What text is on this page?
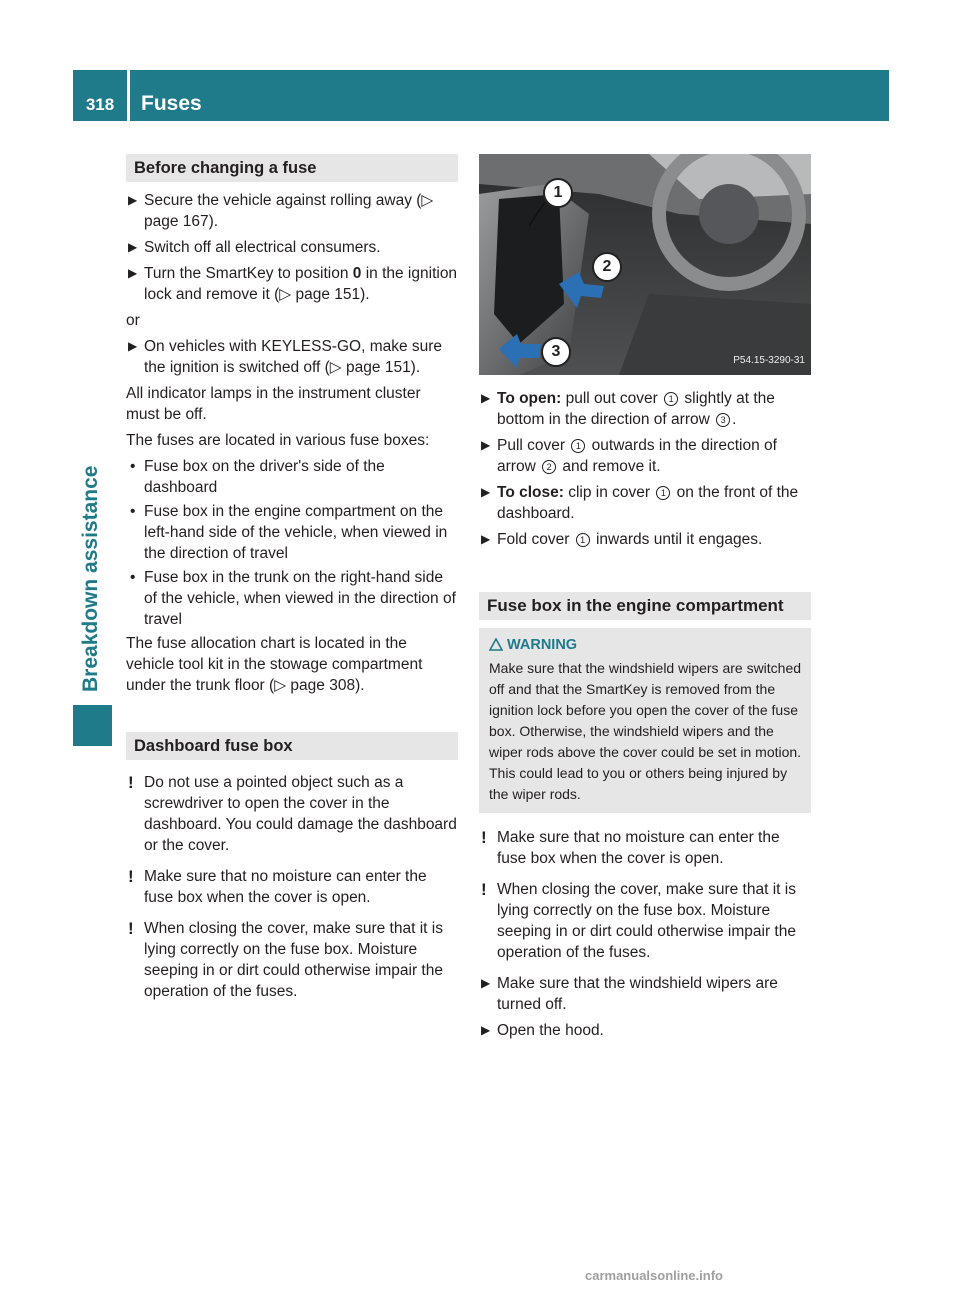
318	Fuses
Breakdown assistance
Before changing a fuse
▶ Secure the vehicle against rolling away (▷ page 167).
▶ Switch off all electrical consumers.
▶ Turn the SmartKey to position 0 in the ignition lock and remove it (▷ page 151).

or

▶ On vehicles with KEYLESS-GO, make sure the ignition is switched off (▷ page 151).

All indicator lamps in the instrument cluster must be off.

The fuses are located in various fuse boxes:

• Fuse box on the driver's side of the dashboard
• Fuse box in the engine compartment on the left-hand side of the vehicle, when viewed in the direction of travel
• Fuse box in the trunk on the right-hand side of the vehicle, when viewed in the direction of travel

The fuse allocation chart is located in the vehicle tool kit in the stowage compartment under the trunk floor (▷ page 308).

Dashboard fuse box
! Do not use a pointed object such as a screwdriver to open the cover in the dashboard. You could damage the dashboard or the cover.
! Make sure that no moisture can enter the fuse box when the cover is open.
! When closing the cover, make sure that it is lying correctly on the fuse box. Moisture seeping in or dirt could otherwise impair the operation of the fuses.
1
2
3
P54.15-3290-31
▶ To open: pull out cover 1 slightly at the bottom in the direction of arrow 3 .
▶ Pull cover 1 outwards in the direction of arrow 2 and remove it.
▶ To close: clip in cover 1 on the front of the dashboard.
▶ Fold cover 1 inwards until it engages.
Fuse box in the engine compartment
WARNING

Make sure that the windshield wipers are switched off and that the SmartKey is removed from the ignition lock before you open the cover of the fuse box. Otherwise, the windshield wipers and the wiper rods above the cover could be set in motion. This could lead to you or others being injured by the wiper rods.

! Make sure that no moisture can enter the fuse box when the cover is open.
! When closing the cover, make sure that it is lying correctly on the fuse box. Moisture seeping in or dirt could otherwise impair the operation of the fuses.
▶ Make sure that the windshield wipers are turned off.
▶ Open the hood.
carmanualsonline.info
